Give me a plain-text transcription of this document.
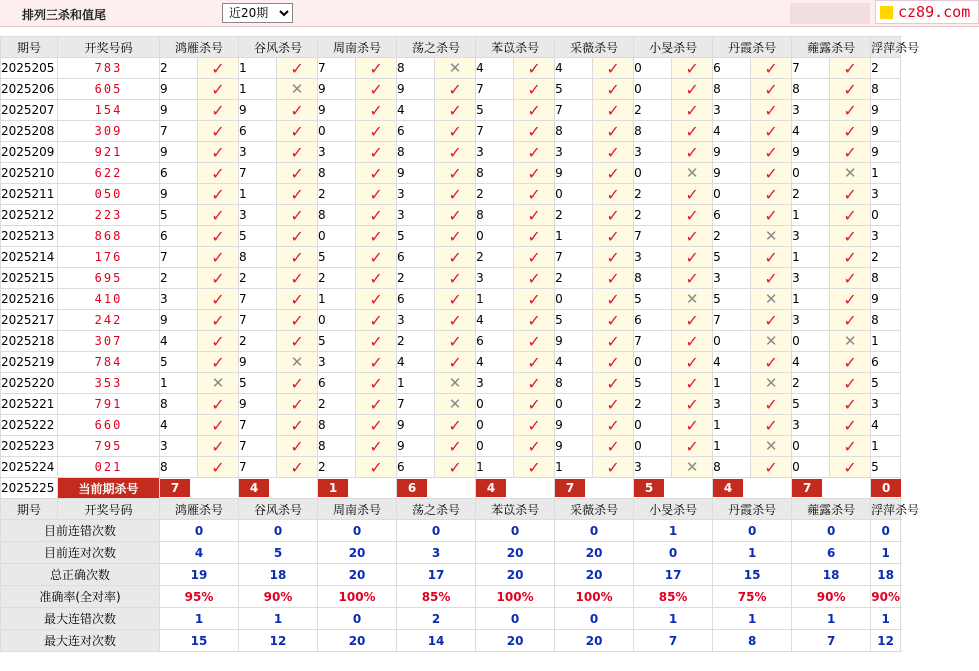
排列三杀和值尾
近20期	cz89.com
期号	开奖号码	鸿雁杀号		谷风杀号		周南杀号		荡之杀号		苯苡杀号		采薇杀号		小旻杀号		丹霞杀号		蕹露杀号		浮萍杀号	
2025205	783	2	✓	1	✓	7	✓	8	✕	4	✓	4	✓	0	✓	6	✓	7	✓	2		
2025206	605	9	✓	1	✕	9	✓	9	✓	7	✓	5	✓	0	✓	8	✓	8	✓	8		
2025207	154	9	✓	9	✓	9	✓	4	✓	5	✓	7	✓	2	✓	3	✓	3	✓	9		

2025208	309	7	✓	6	✓	0	✓	6	✓	7	✓	8	✓	8	✓	4	✓	4	✓	9		

2025209	921	9	✓	3	✓	3	✓	8	✓	3	✓	3	✓	3	✓	9	✓	9	✓	9		

2025210	622	6	✓	7	✓	8	✓	9	✓	8	✓	9	✓	0	✕	9	✓	0	✕	1		
2025211	050	9	✓	1	✓	2	✓	3	✓	2	✓	0	✓	2	✓	0	✓	2	✓	3		

2025212	223	5	✓	3	✓	8	✓	3	✓	8	✓	2	✓	2	✓	6	✓	1	✓	0		

2025213	868	6	✓	5	✓	0	✓	5	✓	0	✓	1	✓	7	✓	2	✕	3	✓	3		
2025214	176	7	✓	8	✓	5	✓	6	✓	2	✓	7	✓	3	✓	5	✓	1	✓	2		

2025215	695	2	✓	2	✓	2	✓	2	✓	3	✓	2	✓	8	✓	3	✓	3	✓	8		

2025216	410	3	✓	7	✓	1	✓	6	✓	1	✓	0	✓	5	✕	5	✕	1	✓	9		
2025217	242	9	✓	7	✓	0	✓	3	✓	4	✓	5	✓	6	✓	7	✓	3	✓	8		
2025218	307	4	✓	2	✓	5	✓	2	✓	6	✓	9	✓	7	✓	0	✕	0	✕	1		
2025219	784	5	✓	9	✕	3	✓	4	✓	4	✓	4	✓	0	✓	4	✓	4	✓	6		
2025220	353	1	✕	5	✓	6	✓	1	✕	3	✓	8	✓	5	✓	1	✕	2	✓	5		
2025221	791	8	✓	9	✓	2	✓	7	✕	0	✓	0	✓	2	✓	3	✓	5	✓	3		
2025222	660	4	✓	7	✓	8	✓	9	✓	0	✓	9	✓	0	✓	1	✓	3	✓	4		

2025223	795	3	✓	7	✓	8	✓	9	✓	0	✓	9	✓	0	✓	1	✕	0	✓	1		
2025224	021	8	✓	7	✓	2	✓	6	✓	1	✓	1	✓	3	✕	8	✓	0	✓	5		
2025225	当前期杀号	7		4		1		6		4		7		5		4		7		0	
期号	开奖号码	鸿雁杀号		谷风杀号		周南杀号		荡之杀号		苯苡杀号		采薇杀号		小旻杀号		丹霞杀号		蕹露杀号		浮萍杀号	
目前连错次数		0		0		0		0		0		0		1		0		0		0	
目前连对次数		4		5		20		3		20		20		0		1		6		1	
总正确次数		19		18		20		17		20		20		17		15		18		18	
准确率(全对率)		95%		90%		100%		85%		100%		100%		85%		75%		90%		90%	
最大连错次数		1		1		0		2		0		0		1		1		1		1	
最大连对次数		15		12		20		14		20		20		7		8		7		12	
